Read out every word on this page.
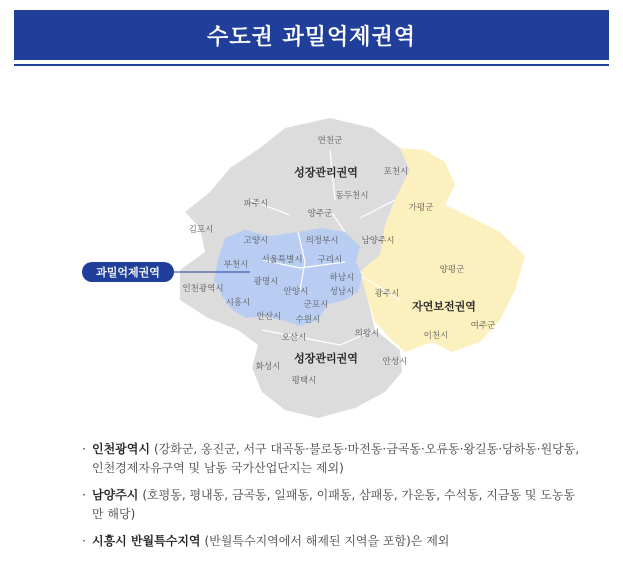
수도권 과밀억제권역
과밀억제권역
성장관리권역
성장관리권역
자연보전권역
연천군
포천시
동두천시
파주시
양주군
가평군
김포시
고양시	의정부시	남양주시
부천시 서울특별시 구리시
양평군
인천광역시
광명시	하남시
시흥시
안양시	성남시 광주시
군포시
안산시 수원시
여주군
이천시
의왕시
오산시
화성시	안성시
평택시
· 인천광역시 (강화군, 옹진군, 서구 대곡동·불로동·마전동·금곡동·오류동·왕길동·당하동·원당동, 인천경제자유구역 및 남동 국가산업단지는 제외)
· 남양주시 (호평동, 평내동, 금곡동, 일패동, 이패동, 삼패동, 가운동, 수석동, 지금동 및 도농동만 해당)
· 시흥시 반월특수지역 (반월특수지역에서 해제된 지역을 포함)은 제외
